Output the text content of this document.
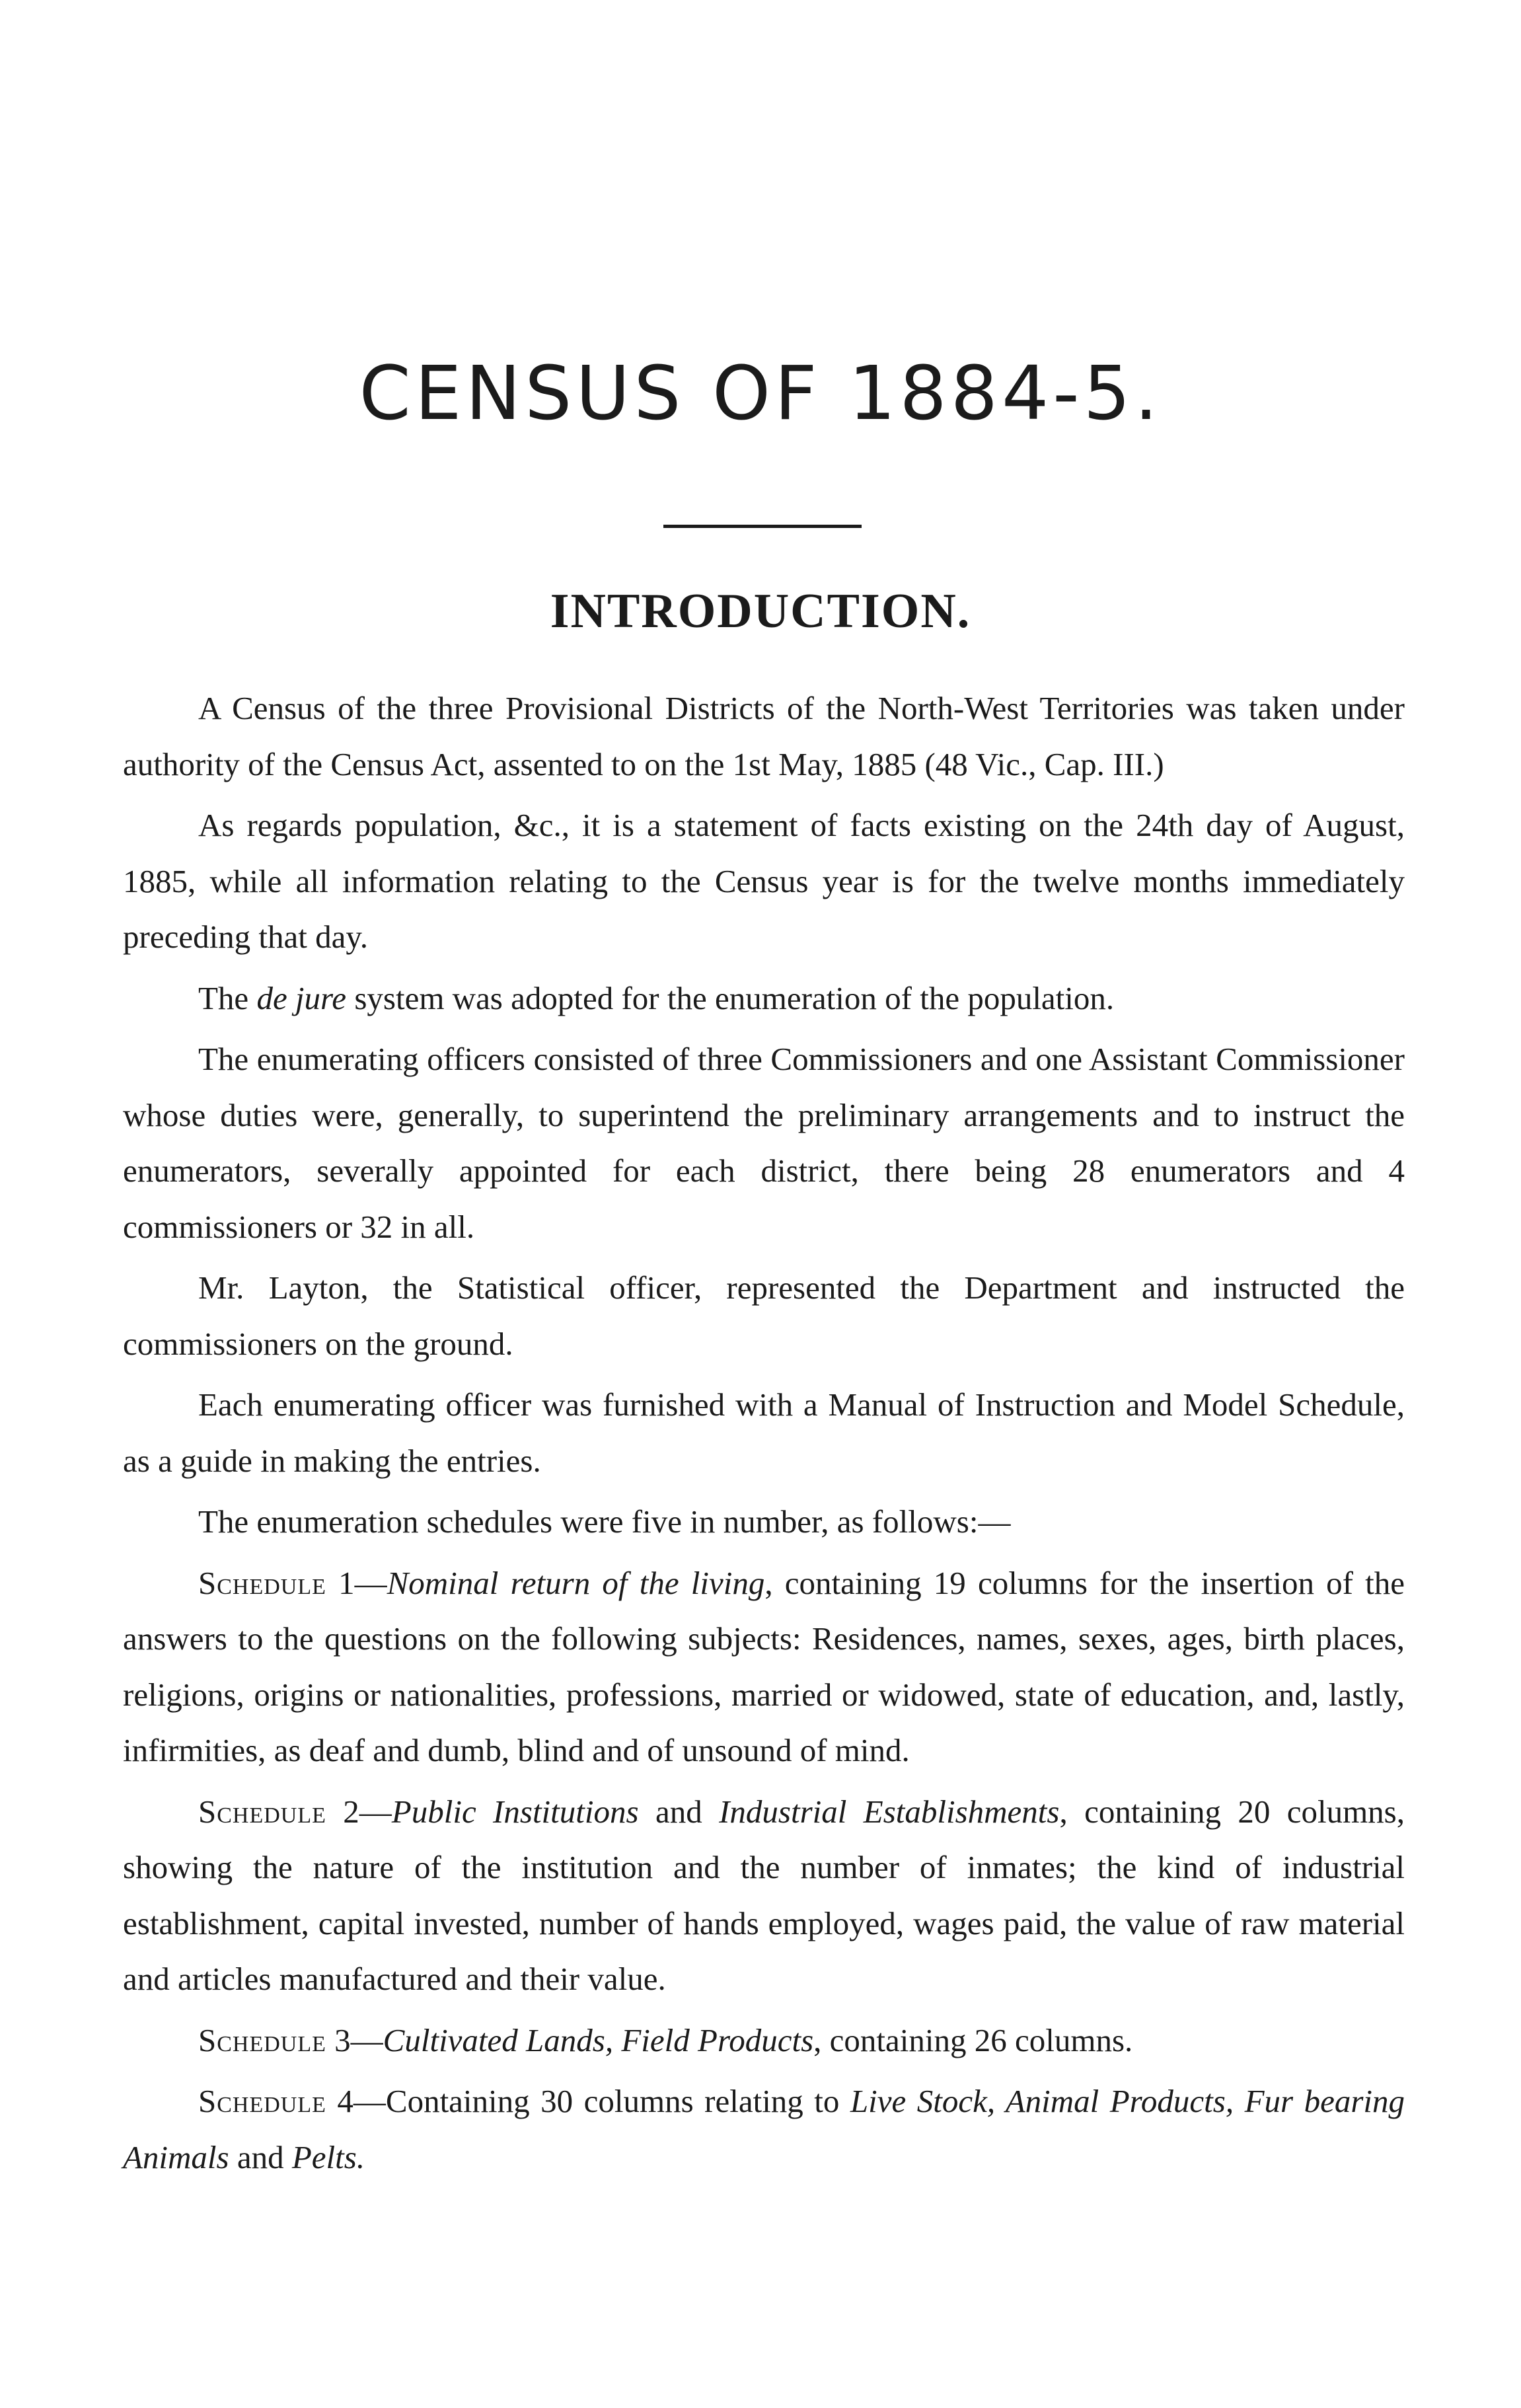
CENSUS OF 1884-5.
INTRODUCTION.

A Census of the three Provisional Districts of the North-West Territories was taken under authority of the Census Act, assented to on the 1st May, 1885 (48 Vic., Cap. III.)

As regards population, &c., it is a statement of facts existing on the 24th day of August, 1885, while all information relating to the Census year is for the twelve months immediately preceding that day.

The de jure system was adopted for the enumeration of the population.

The enumerating officers consisted of three Commissioners and one Assistant Commissioner whose duties were, generally, to superintend the preliminary arrangements and to instruct the enumerators, severally appointed for each district, there being 28 enumerators and 4 commissioners or 32 in all.

Mr. Layton, the Statistical officer, represented the Department and instructed the commissioners on the ground.

Each enumerating officer was furnished with a Manual of Instruction and Model Schedule, as a guide in making the entries.

The enumeration schedules were five in number, as follows:—

Schedule 1—Nominal return of the living, containing 19 columns for the insertion of the answers to the questions on the following subjects: Residences, names, sexes, ages, birth places, religions, origins or nationalities, professions, married or widowed, state of education, and, lastly, infirmities, as deaf and dumb, blind and of unsound of mind.

Schedule 2—Public Institutions and Industrial Establishments, containing 20 columns, showing the nature of the institution and the number of inmates; the kind of industrial establishment, capital invested, number of hands employed, wages paid, the value of raw material and articles manufactured and their value.

Schedule 3—Cultivated Lands, Field Products, containing 26 columns.

Schedule 4—Containing 30 columns relating to Live Stock, Animal Products, Fur bearing Animals and Pelts.
